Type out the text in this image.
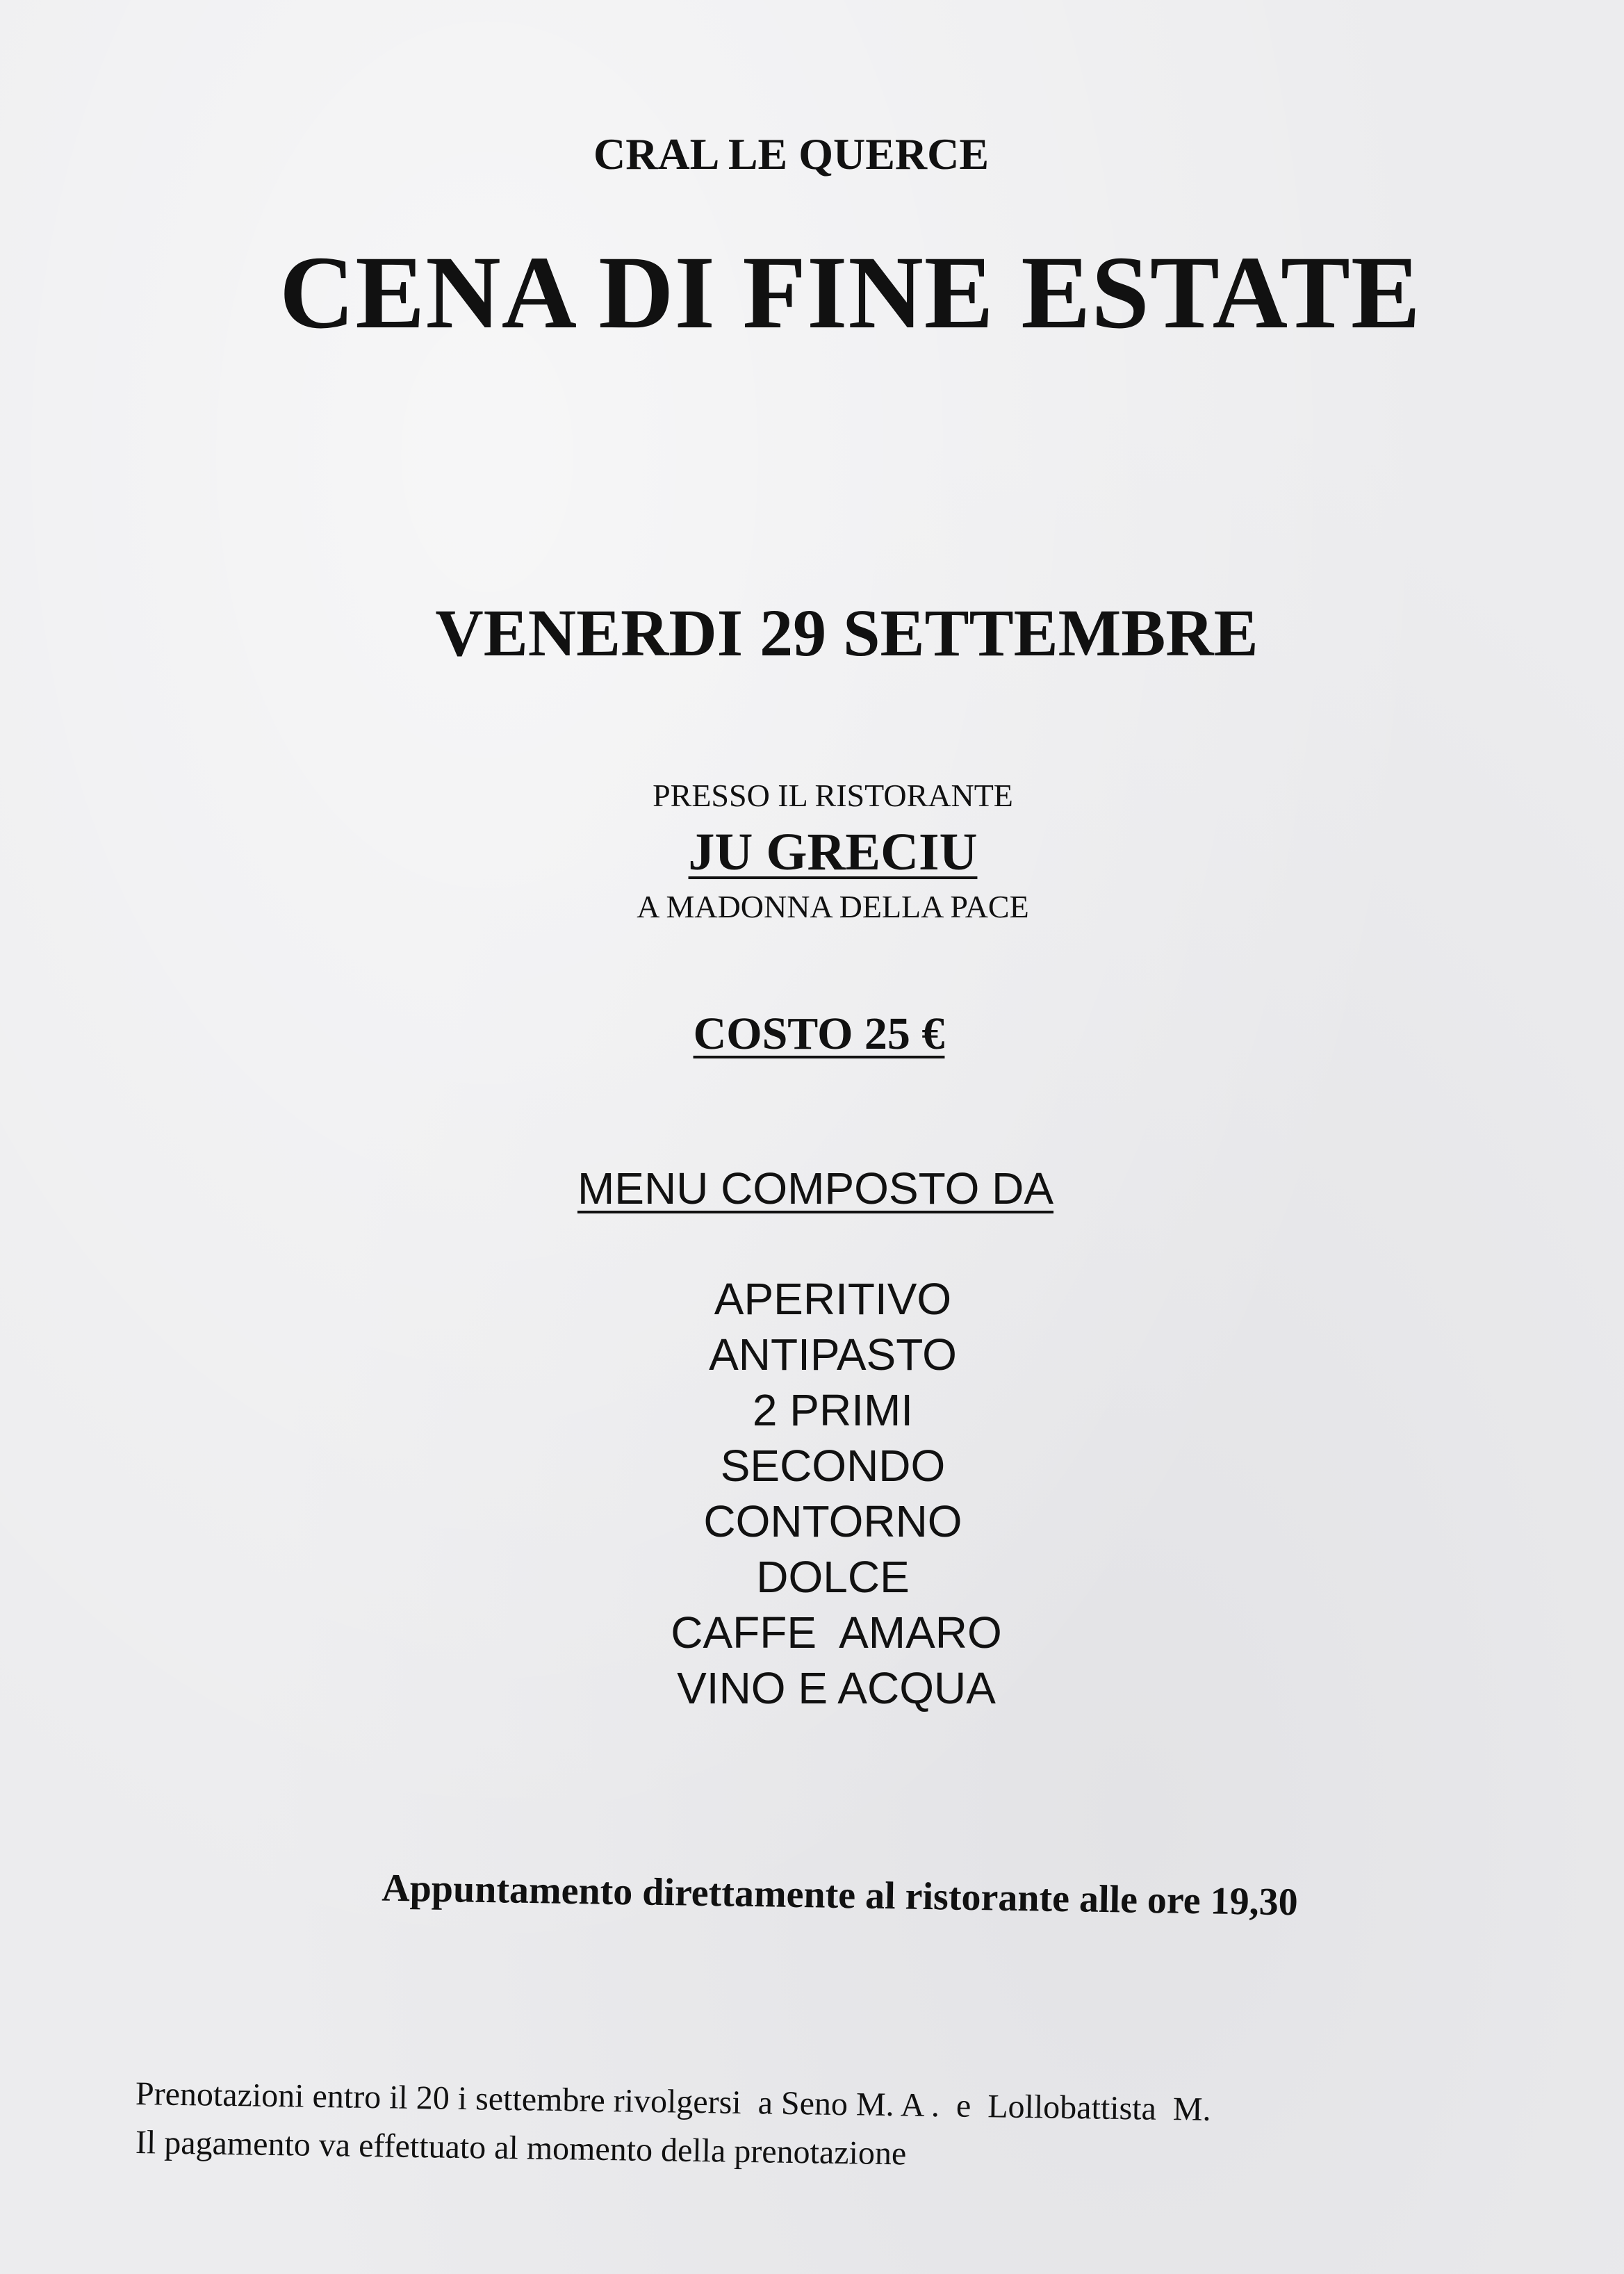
CRAL LE QUERCE

CENA DI FINE ESTATE

VENERDI 29 SETTEMBRE

PRESSO IL RISTORANTE

JU GRECIU

A MADONNA DELLA PACE

COSTO 25 €

MENU COMPOSTO DA

APERITIVO
ANTIPASTO
2 PRIMI
SECONDO
CONTORNO
DOLCE
CAFFE  AMARO
VINO E ACQUA

Appuntamento direttamente al ristorante alle ore 19,30

Prenotazioni entro il 20 i settembre rivolgersi  a Seno M. A .  e  Lollobattista  M.
Il pagamento va effettuato al momento della prenotazione
